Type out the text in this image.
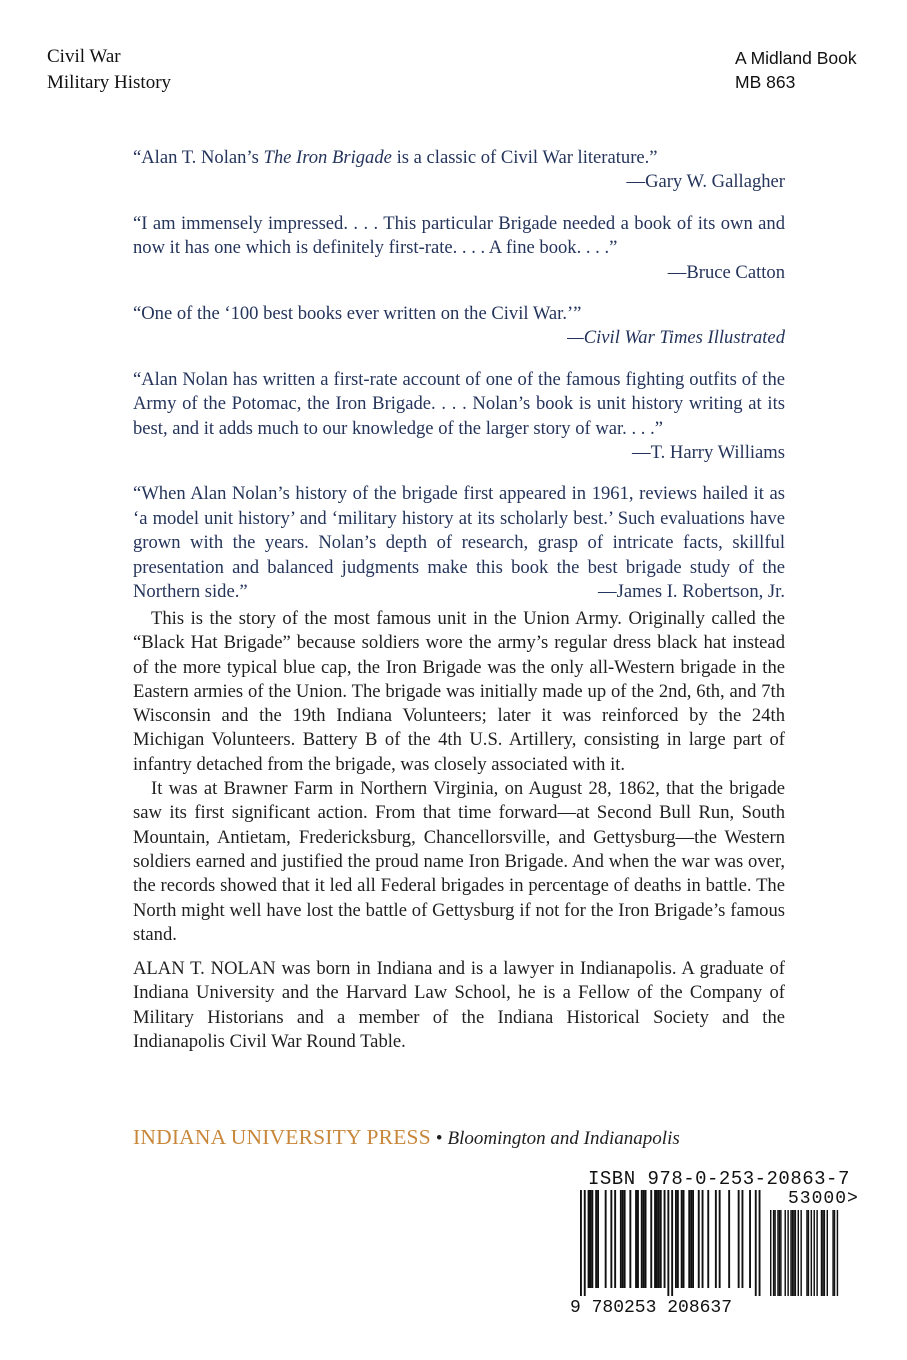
Civil War
Military History
A Midland Book
MB 863
“Alan T. Nolan’s The Iron Brigade is a classic of Civil War literature.”
—Gary W. Gallagher
“I am immensely impressed. . . . This particular Brigade needed a book of its own and now it has one which is definitely first-rate. . . . A fine book. . . .”
—Bruce Catton
“One of the ‘100 best books ever written on the Civil War.’”
—Civil War Times Illustrated
“Alan Nolan has written a first-rate account of one of the famous fighting outfits of the Army of the Potomac, the Iron Brigade. . . . Nolan’s book is unit history writing at its best, and it adds much to our knowledge of the larger story of war. . . .”
—T. Harry Williams
“When Alan Nolan’s history of the brigade first appeared in 1961, reviews hailed it as ‘a model unit history’ and ‘military history at its scholarly best.’ Such evaluations have grown with the years. Nolan’s depth of research, grasp of intricate facts, skillful presentation and balanced judgments make this book the best brigade study of the Northern side.”	—James I. Robertson, Jr.

This is the story of the most famous unit in the Union Army. Originally called the “Black Hat Brigade” because soldiers wore the army’s regular dress black hat instead of the more typical blue cap, the Iron Brigade was the only all-Western brigade in the Eastern armies of the Union. The brigade was initially made up of the 2nd, 6th, and 7th Wisconsin and the 19th Indiana Volunteers; later it was reinforced by the 24th Michigan Volunteers. Battery B of the 4th U.S. Artillery, consisting in large part of infantry detached from the brigade, was closely associated with it.

It was at Brawner Farm in Northern Virginia, on August 28, 1862, that the brigade saw its first significant action. From that time forward—at Second Bull Run, South Mountain, Antietam, Fredericksburg, Chancellorsville, and Gettysburg—the Western soldiers earned and justified the proud name Iron Brigade. And when the war was over, the records showed that it led all Federal brigades in percentage of deaths in battle. The North might well have lost the battle of Gettysburg if not for the Iron Brigade’s famous stand.

ALAN T. NOLAN was born in Indiana and is a lawyer in Indianapolis. A graduate of Indiana University and the Harvard Law School, he is a Fellow of the Company of Military Historians and a member of the Indiana Historical Society and the Indianapolis Civil War Round Table.

INDIANA UNIVERSITY PRESS • Bloomington and Indianapolis
ISBN 978-0-253-20863-7
53000>
9 780253 208637
